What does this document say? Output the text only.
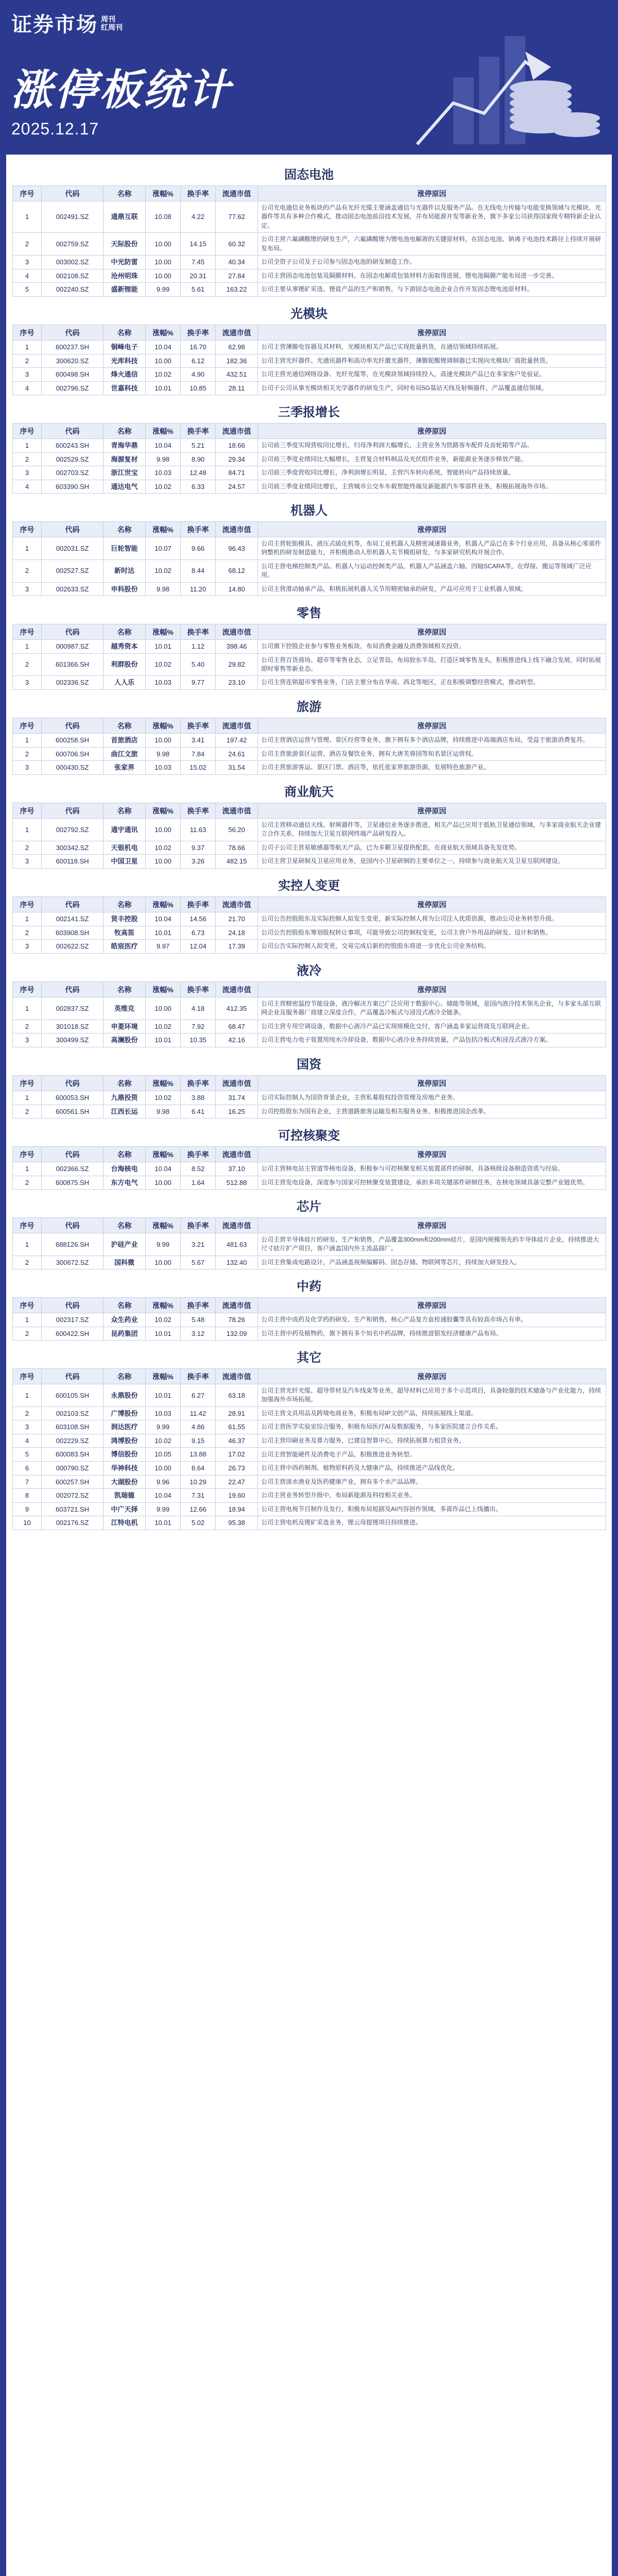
证券市场 周刊
红周刊
涨停板统计
2025.12.17
固态电池
序号	代码	名称	涨幅%	换手率	流通市值	涨停原因
1	002491.SZ	通鼎互联	10.08	4.22	77.62	公司光电通信业务板块的产品有光纤光缆主要涵盖通信与光器件以及服务产品。在无线电力传输与电能变换领域与光模块、光器件等具有多种合作模式，推动固态电池前沿技术发展，并布局能源开发等新业务，旗下多家公司获得国家级专精特新企业认定。
2	002759.SZ	天际股份	10.00	14.15	60.32	公司主营六氟磷酸锂的研发生产，六氟磷酸锂为锂电池电解液的关键原材料，在固态电池、钠离子电池技术路径上持续开展研发布局。
3	003002.SZ	中光防雷	10.00	7.45	40.34	公司全资子公司及子公司参与固态电池的研发制造工作。
4	002108.SZ	沧州明珠	10.00	20.31	27.84	公司主营固态电池包装及隔膜材料，在固态电解质包装材料方面取得进展，锂电池隔膜产能布局进一步完善。
5	002240.SZ	盛新锂能	9.99	5.61	163.22	公司主要从事锂矿采选、锂盐产品的生产和销售，与下游固态电池企业合作开发固态锂电池原材料。
光模块
序号	代码	名称	涨幅%	换手率	流通市值	涨停原因
1	600237.SH	铜峰电子	10.04	16.70	62.98	公司主营薄膜电容器及其材料，光模块相关产品已实现批量供货，在通信领域持续拓展。
2	300620.SZ	光库科技	10.00	6.12	182.36	公司主营光纤器件、光通讯器件和高功率光纤激光器件，薄膜铌酸锂调制器已实现向光模块厂商批量供货。
3	600498.SH	烽火通信	10.02	4.90	432.51	公司主营光通信网络设备、光纤光缆等，在光模块领域持续投入，高速光模块产品已在多家客户处验证。
4	002796.SZ	世嘉科技	10.01	10.85	28.11	公司子公司从事光模块相关光学器件的研发生产，同时布局5G基站天线及射频器件，产品覆盖通信领域。
三季报增长
序号	代码	名称	涨幅%	换手率	流通市值	涨停原因
1	600243.SH	青海华鼎	10.04	5.21	18.66	公司前三季度实现营收同比增长，归母净利润大幅增长，主营业务为铁路客车配件及齿轮箱等产品。
2	002529.SZ	海源复材	9.98	8.90	29.34	公司前三季度业绩同比大幅增长，主营复合材料制品及光伏组件业务，新能源业务逐步释放产能。
3	002703.SZ	浙江世宝	10.03	12.48	84.71	公司前三季度营收同比增长，净利润增长明显，主营汽车转向系统，智能转向产品持续放量。
4	603390.SH	通达电气	10.02	6.33	24.57	公司前三季度业绩同比增长，主营城市公交车车载智能终端及新能源汽车零部件业务，积极拓展海外市场。
机器人
序号	代码	名称	涨幅%	换手率	流通市值	涨停原因
1	002031.SZ	巨轮智能	10.07	9.66	96.43	公司主营轮胎模具、液压式硫化机等，布局工业机器人及精密减速器业务，机器人产品已在多个行业应用，具备从核心零部件到整机的研发制造能力，并积极推动人形机器人关节模组研发，与多家研究机构开展合作。
2	002527.SZ	新时达	10.02	8.44	68.12	公司主营电梯控制类产品、机器人与运动控制类产品，机器人产品涵盖六轴、四轴SCARA等，在焊接、搬运等领域广泛应用。
3	002633.SZ	申科股份	9.98	11.20	14.80	公司主营滑动轴承产品，积极拓展机器人关节用精密轴承的研发，产品可应用于工业机器人领域。
零售
序号	代码	名称	涨幅%	换手率	流通市值	涨停原因
1	000987.SZ	越秀资本	10.01	1.12	398.46	公司旗下控股企业参与零售业务板块，布局消费金融及消费领域相关投资。
2	601366.SH	利群股份	10.02	5.40	29.82	公司主营百货商场、超市等零售业态，立足青岛，布局胶东半岛，打造区域零售龙头，积极推进线上线下融合发展，同时拓展即时零售等新业态。
3	002336.SZ	人人乐	10.03	9.77	23.10	公司主营连锁超市零售业务，门店主要分布在华南、西北等地区，正在积极调整经营模式，推动转型。
旅游
序号	代码	名称	涨幅%	换手率	流通市值	涨停原因
1	600258.SH	首旅酒店	10.00	3.41	197.42	公司主营酒店运营与管理、景区经营等业务，旗下拥有多个酒店品牌，持续推进中高端酒店布局，受益于旅游消费复苏。
2	600706.SH	曲江文旅	9.98	7.84	24.61	公司主营旅游景区运营、酒店及餐饮业务，拥有大唐芙蓉园等知名景区运营权。
3	000430.SZ	张家界	10.03	15.02	31.54	公司主营旅游客运、景区门票、酒店等，依托张家界旅游资源，发展特色旅游产业。
商业航天
序号	代码	名称	涨幅%	换手率	流通市值	涨停原因
1	002792.SZ	通宇通讯	10.00	11.63	56.20	公司主营移动通信天线、射频器件等，卫星通信业务逐步推进，相关产品已应用于低轨卫星通信领域，与多家商业航天企业建立合作关系，持续加大卫星互联网终端产品研发投入。
2	300342.SZ	天银机电	10.02	9.37	78.66	公司子公司主营星敏感器等航天产品，已为多颗卫星提供配套，在商业航天领域具备先发优势。
3	600118.SH	中国卫星	10.00	3.26	482.15	公司主营卫星研制及卫星应用业务，是国内小卫星研制的主要单位之一，持续参与商业航天及卫星互联网建设。
实控人变更
序号	代码	名称	涨幅%	换手率	流通市值	涨停原因
1	002141.SZ	贤丰控股	10.04	14.56	21.70	公司公告控股股东及实际控制人拟发生变更，新实际控制人将为公司注入优质资源，推动公司业务转型升级。
2	603908.SH	牧高笛	10.01	6.73	24.18	公司公告控股股东筹划股权转让事项，可能导致公司控制权变更，公司主营户外用品的研发、设计和销售。
3	002622.SZ	皓宸医疗	9.97	12.04	17.39	公司公告实际控制人拟变更，交易完成后新的控股股东将进一步优化公司业务结构。
液冷
序号	代码	名称	涨幅%	换手率	流通市值	涨停原因
1	002837.SZ	英维克	10.00	4.18	412.35	公司主营精密温控节能设备，液冷解决方案已广泛应用于数据中心、储能等领域，是国内液冷技术领先企业，与多家头部互联网企业及服务器厂商建立深度合作，产品覆盖冷板式与浸没式液冷全链条。
2	301018.SZ	申菱环境	10.02	7.92	68.47	公司主营专用空调设备，数据中心液冷产品已实现规模化交付，客户涵盖多家运营商及互联网企业。
3	300499.SZ	高澜股份	10.01	10.35	42.16	公司主营电力电子装置用纯水冷却设备，数据中心液冷业务持续放量，产品包括冷板式和浸没式液冷方案。
国资
序号	代码	名称	涨幅%	换手率	流通市值	涨停原因
1	600053.SH	九鼎投资	10.02	3.88	31.74	公司实际控制人为国资背景企业，主营私募股权投资管理及房地产业务。
2	600561.SH	江西长运	9.98	6.41	16.25	公司控股股东为国有企业，主营道路旅客运输及相关服务业务，积极推进国企改革。
可控核聚变
序号	代码	名称	涨幅%	换手率	流通市值	涨停原因
1	002366.SZ	台海核电	10.04	8.52	37.10	公司主营核电站主管道等核电设备，积极参与可控核聚变相关装置部件的研制，具备核级设备制造资质与经验。
2	600875.SH	东方电气	10.00	1.64	512.88	公司主营发电设备，深度参与国家可控核聚变装置建设，承担多项关键部件研制任务，在核电领域具备完整产业链优势。
芯片
序号	代码	名称	涨幅%	换手率	流通市值	涨停原因
1	688126.SH	沪硅产业	9.99	3.21	481.63	公司主营半导体硅片的研发、生产和销售，产品覆盖300mm和200mm硅片，是国内规模领先的半导体硅片企业，持续推进大尺寸硅片扩产项目，客户涵盖国内外主流晶圆厂。
2	300672.SZ	国科微	10.00	5.67	132.40	公司主营集成电路设计，产品涵盖视频编解码、固态存储、物联网等芯片，持续加大研发投入。
中药
序号	代码	名称	涨幅%	换手率	流通市值	涨停原因
1	002317.SZ	众生药业	10.02	5.48	78.26	公司主营中成药及化学药的研发、生产和销售，核心产品复方血栓通胶囊等具有较高市场占有率。
2	600422.SH	昆药集团	10.01	3.12	132.09	公司主营中药及植物药，旗下拥有多个知名中药品牌，持续推进银发经济健康产品布局。
其它
序号	代码	名称	涨幅%	换手率	流通市值	涨停原因
1	600105.SH	永鼎股份	10.01	6.27	63.18	公司主营光纤光缆、超导带材及汽车线束等业务，超导材料已应用于多个示范项目，具备较强的技术储备与产业化能力，持续加强海外市场拓展。
2	002103.SZ	广博股份	10.03	11.42	28.91	公司主营文具用品及跨境电商业务，积极布局IP文创产品，持续拓展线上渠道。
3	603108.SH	润达医疗	9.99	4.86	61.55	公司主营医学实验室综合服务，积极布局医疗AI及数据服务，与多家医院建立合作关系。
4	002229.SZ	鸿博股份	10.02	9.15	46.37	公司主营印刷业务及算力服务，已建设智算中心，持续拓展算力租赁业务。
5	600083.SH	博信股份	10.05	13.88	17.02	公司主营智能硬件及消费电子产品，积极推进业务转型。
6	000790.SZ	华神科技	10.00	8.64	26.73	公司主营中西药制剂、植物原料药及大健康产品，持续推进产品线优化。
7	600257.SH	大湖股份	9.96	10.29	22.47	公司主营淡水渔业及医药健康产业，拥有多个水产品品牌。
8	002072.SZ	凯瑞德	10.04	7.31	19.60	公司主营业务转型升级中，布局新能源及科技相关业务。
9	603721.SH	中广天择	9.99	12.66	18.94	公司主营电视节目制作及发行，积极布局短剧及AI内容创作领域，多部作品已上线播出。
10	002176.SZ	江特电机	10.01	5.02	95.38	公司主营电机及锂矿采选业务，锂云母提锂项目持续推进。
